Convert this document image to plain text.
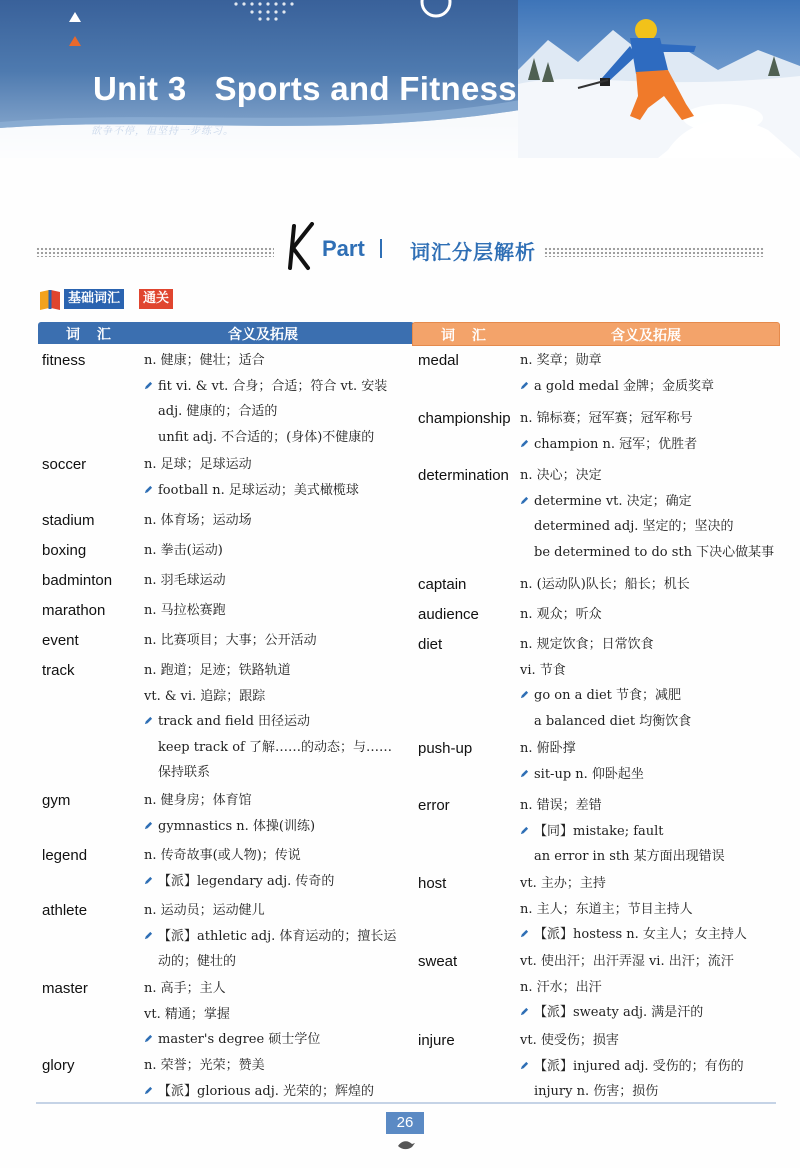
Unit 3 Sports and Fitness
欲争不停，但坚持一步练习。
Part 词汇分层解析
基础词汇	通关
词 汇	含义及拓展
fitness	n. 健康；健壮；适合
fit vi. & vt. 合身；合适；符合 vt. 安装
adj. 健康的；合适的
unfit adj. 不合适的；(身体)不健康的
soccer	n. 足球；足球运动
football n. 足球运动；美式橄榄球
stadium	n. 体育场；运动场
boxing	n. 拳击(运动)
badminton n. 羽毛球运动
marathon	n. 马拉松赛跑
event	n. 比赛项目；大事；公开活动
track	n. 跑道；足迹；铁路轨道
vt. & vi. 追踪；跟踪
track and field 田径运动
keep track of 了解……的动态；与……
保持联系
gym	n. 健身房；体育馆
gymnastics n. 体操(训练)
legend	n. 传奇故事(或人物)；传说
【派】legendary adj. 传奇的
athlete	n. 运动员；运动健儿
【派】athletic adj. 体育运动的；擅长运
动的；健壮的
master	n. 高手；主人
vt. 精通；掌握
master's degree 硕士学位
glory	n. 荣誉；光荣；赞美
【派】glorious adj. 光荣的；辉煌的
词 汇	含义及拓展
medal	n. 奖章；勋章
a gold medal 金牌；金质奖章
championship n. 锦标赛；冠军赛；冠军称号
champion n. 冠军；优胜者
determination n. 决心；决定
determine vt. 决定；确定
determined adj. 坚定的；坚决的
be determined to do sth 下决心做某事
captain	n. (运动队)队长；船长；机长
audience	n. 观众；听众
diet	n. 规定饮食；日常饮食
vi. 节食
go on a diet 节食；减肥
a balanced diet 均衡饮食
push-up	n. 俯卧撑
sit-up n. 仰卧起坐
error	n. 错误；差错
【同】mistake; fault
an error in sth 某方面出现错误
host	vt. 主办；主持
n. 主人；东道主；节目主持人
【派】hostess n. 女主人；女主持人
sweat	vt. 使出汗；出汗弄湿 vi. 出汗；流汗
n. 汗水；出汗
【派】sweaty adj. 满是汗的
injure	vt. 使受伤；损害
【派】injured adj. 受伤的；有伤的
injury n. 伤害；损伤
26
